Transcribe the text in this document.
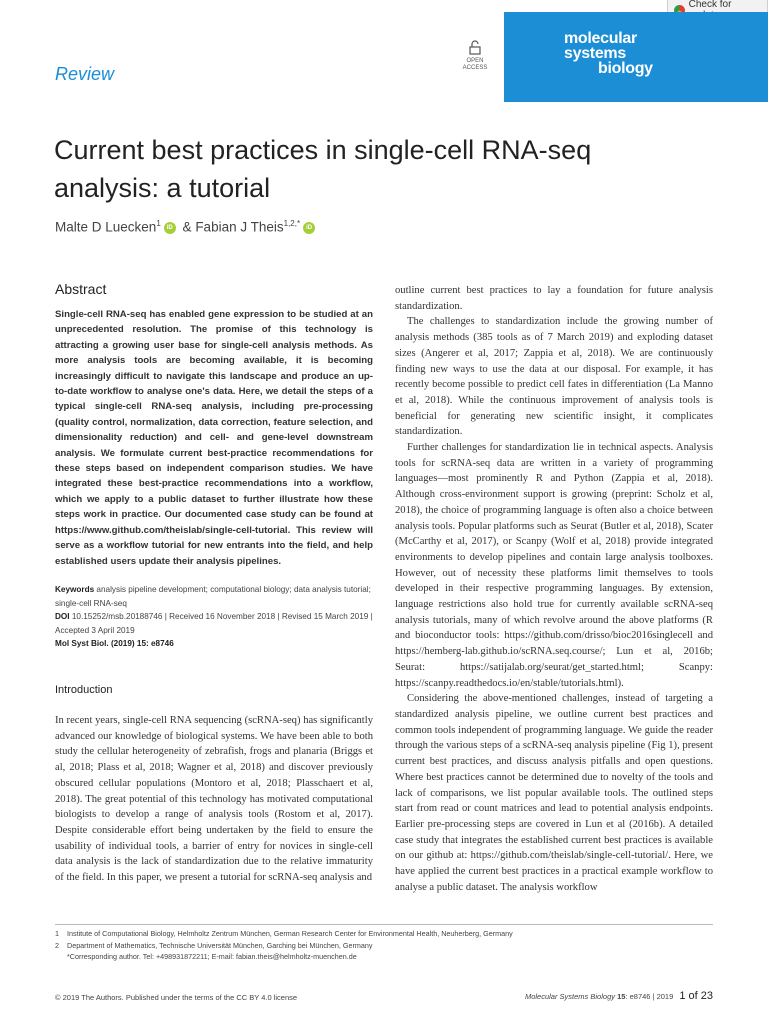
Check for
molecular
systems
biology
OPEN
ACCESS
Review
Current best practices in single-cell RNA-seq analysis: a tutorial
Malte D Luecken$^1$ iD & Fabian J Theis$^{1,2,*}$ iD
Abstract

Single-cell RNA-seq has enabled gene expression to be studied at an unprecedented resolution. The promise of this technology is attracting a growing user base for single-cell analysis methods. As more analysis tools are becoming available, it is becoming increasingly difficult to navigate this landscape and produce an up-to-date workflow to analyse one's data. Here, we detail the steps of a typical single-cell RNA-seq analysis, including pre-processing (quality control, normalization, data correction, feature selection, and dimensionality reduction) and cell- and gene-level downstream analysis. We formulate current best-practice recommendations for these steps based on independent comparison studies. We have integrated these best-practice recommendations into a workflow, which we apply to a public dataset to further illustrate how these steps work in practice. Our documented case study can be found at https://www.github.com/theislab/single-cell-tutorial. This review will serve as a workflow tutorial for new entrants into the field, and help established users update their analysis pipelines.

Keywords analysis pipeline development; computational biology; data analysis tutorial; single-cell RNA-seq
DOI 10.15252/msb.20188746 | Received 16 November 2018 | Revised 15 March 2019 | Accepted 3 April 2019
Mol Syst Biol. (2019) 15: e8746
Introduction

In recent years, single-cell RNA sequencing (scRNA-seq) has significantly advanced our knowledge of biological systems. We have been able to both study the cellular heterogeneity of zebrafish, frogs and planaria (Briggs et al, 2018; Plass et al, 2018; Wagner et al, 2018) and discover previously obscured cellular populations (Montoro et al, 2018; Plasschaert et al, 2018). The great potential of this technology has motivated computational biologists to develop a range of analysis tools (Rostom et al, 2017). Despite considerable effort being undertaken by the field to ensure the usability of individual tools, a barrier of entry for novices in single-cell data analysis is the lack of standardization due to the relative immaturity of the field. In this paper, we present a tutorial for scRNA-seq analysis and

outline current best practices to lay a foundation for future analysis standardization.

The challenges to standardization include the growing number of analysis methods (385 tools as of 7 March 2019) and exploding dataset sizes (Angerer et al, 2017; Zappia et al, 2018). We are continuously finding new ways to use the data at our disposal. For example, it has recently become possible to predict cell fates in differentiation (La Manno et al, 2018). While the continuous improvement of analysis tools is beneficial for generating new scientific insight, it complicates standardization.

Further challenges for standardization lie in technical aspects. Analysis tools for scRNA-seq data are written in a variety of programming languages—most prominently R and Python (Zappia et al, 2018). Although cross-environment support is growing (preprint: Scholz et al, 2018), the choice of programming language is often also a choice between analysis tools. Popular platforms such as Seurat (Butler et al, 2018), Scater (McCarthy et al, 2017), or Scanpy (Wolf et al, 2018) provide integrated environments to develop pipelines and contain large analysis toolboxes. However, out of necessity these platforms limit themselves to tools developed in their respective programming languages. By extension, language restrictions also hold true for currently available scRNA-seq analysis tutorials, many of which revolve around the above platforms (R and bioconductor tools: https://github.com/drisso/bioc2016singlecell and https://hemberg-lab.github.io/scRNA.seq.course/; Lun et al, 2016b; Seurat: https://satijalab.org/seurat/get_started.html; Scanpy: https://scanpy.readthedocs.io/en/stable/tutorials.html).

Considering the above-mentioned challenges, instead of targeting a standardized analysis pipeline, we outline current best practices and common tools independent of programming language. We guide the reader through the various steps of a scRNA-seq analysis pipeline (Fig 1), present current best practices, and discuss analysis pitfalls and open questions. Where best practices cannot be determined due to novelty of the tools and lack of comparisons, we list popular available tools. The outlined steps start from read or count matrices and lead to potential analysis endpoints. Earlier pre-processing steps are covered in Lun et al (2016b). A detailed case study that integrates the established current best practices is available on our github at: https://github.com/theislab/single-cell-tutorial/. Here, we have applied the current best practices in a practical example workflow to analyse a public dataset. The analysis workflow

1	Institute of Computational Biology, Helmholtz Zentrum München, German Research Center for Environmental Health, Neuherberg, Germany
2	Department of Mathematics, Technische Universität München, Garching bei München, Germany
*Corresponding author. Tel: +498931872211; E-mail: fabian.theis@helmholtz-muenchen.de
© 2019 The Authors. Published under the terms of the CC BY 4.0 license	Molecular Systems Biology 15: e8746 | 2019 1 of 23
